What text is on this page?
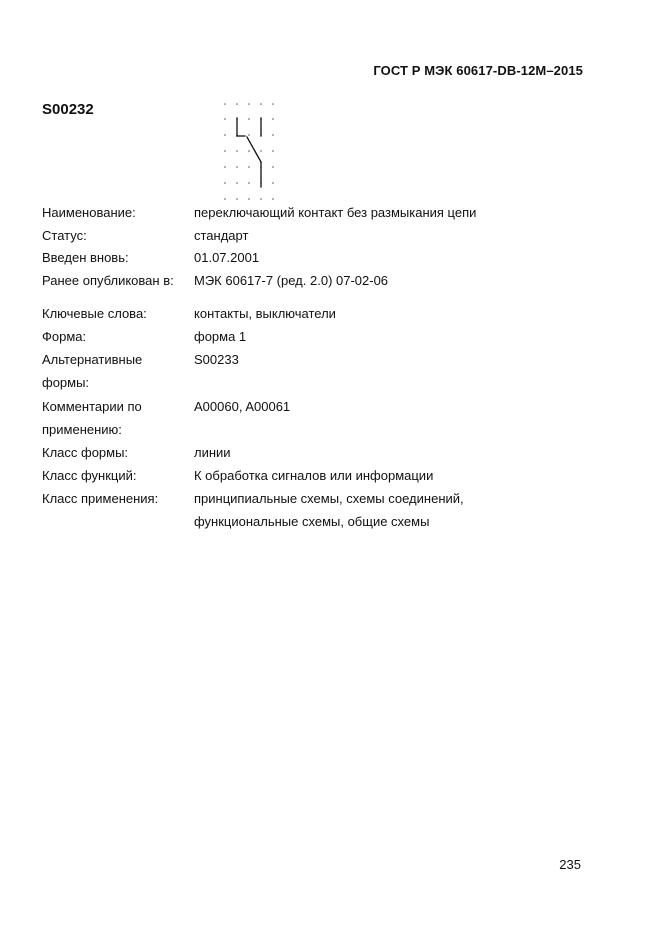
ГОСТ Р МЭК 60617-DB-12M–2015
S00232
Наименование:	переключающий контакт без размыкания цепи
Статус:	стандарт
Введен вновь:	01.07.2001
Ранее опубликован в:	МЭК 60617-7 (ред. 2.0) 07-02-06
Ключевые слова:	контакты, выключатели
Форма:	форма 1
Альтернативные	S00233
формы:
Комментарии по	A00060, A00061
применению:
Класс формы:	линии
Класс функций:	К обработка сигналов или информации
Класс применения:	принципиальные схемы, схемы соединений,
функциональные схемы, общие схемы
235
